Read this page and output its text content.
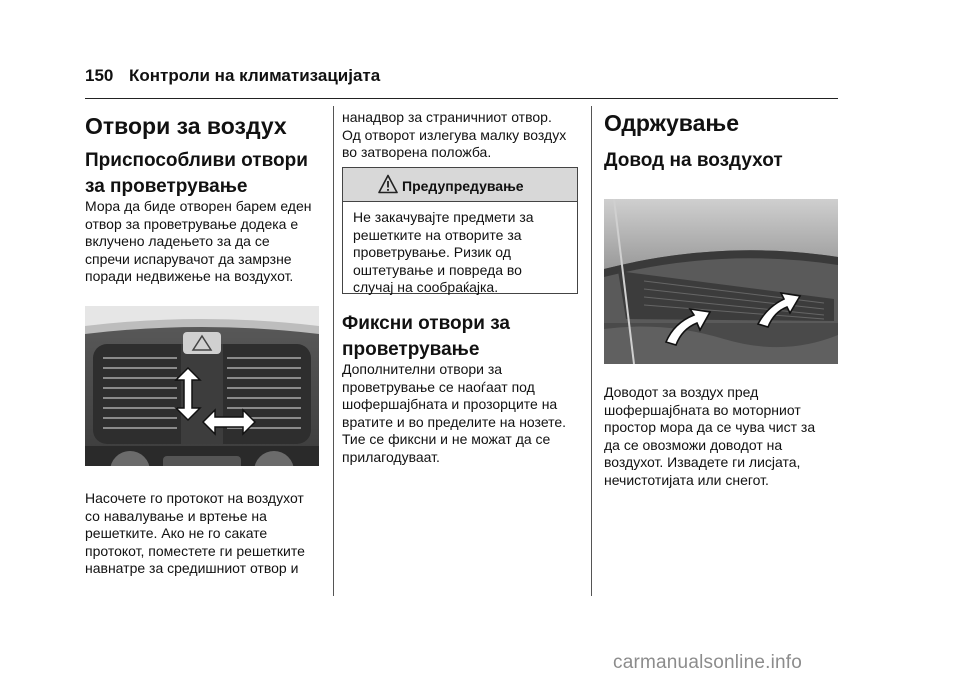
150 Контроли на климатизацијата
Отвори за воздух
Приспособливи отвори
за проветрување
Мора да биде отворен барем еден
отвор за проветрување додека е
вклучено ладењето за да се
спречи испарувачот да замрзне
поради недвижење на воздухот.
Насочете го протокот на воздухот
со навалување и вртење на
решетките. Ако не го сакате
протокот, поместете ги решетките
навнатре за средишниот отвор и
нанадвор за страничниот отвор.
Од отворот излегува малку воздух
во затворена положба.
Предупредување
Не закачувајте предмети за
решетките на отворите за
проветрување. Ризик од
оштетување и повреда во
случај на сообраќајка.
Фиксни отвори за
проветрување
Дополнителни отвори за
проветрување се наоѓаат под
шофершајбната и прозорците на
вратите и во пределите на нозете.
Тие се фиксни и не можат да се
прилагодуваат.
Одржување
Довод на воздухот
Доводот за воздух пред
шофершајбната во моторниот
простор мора да се чува чист за
да се овозможи доводот на
воздухот. Извадете ги лисјата,
нечистотијата или снегот.
carmanualsonline.info
